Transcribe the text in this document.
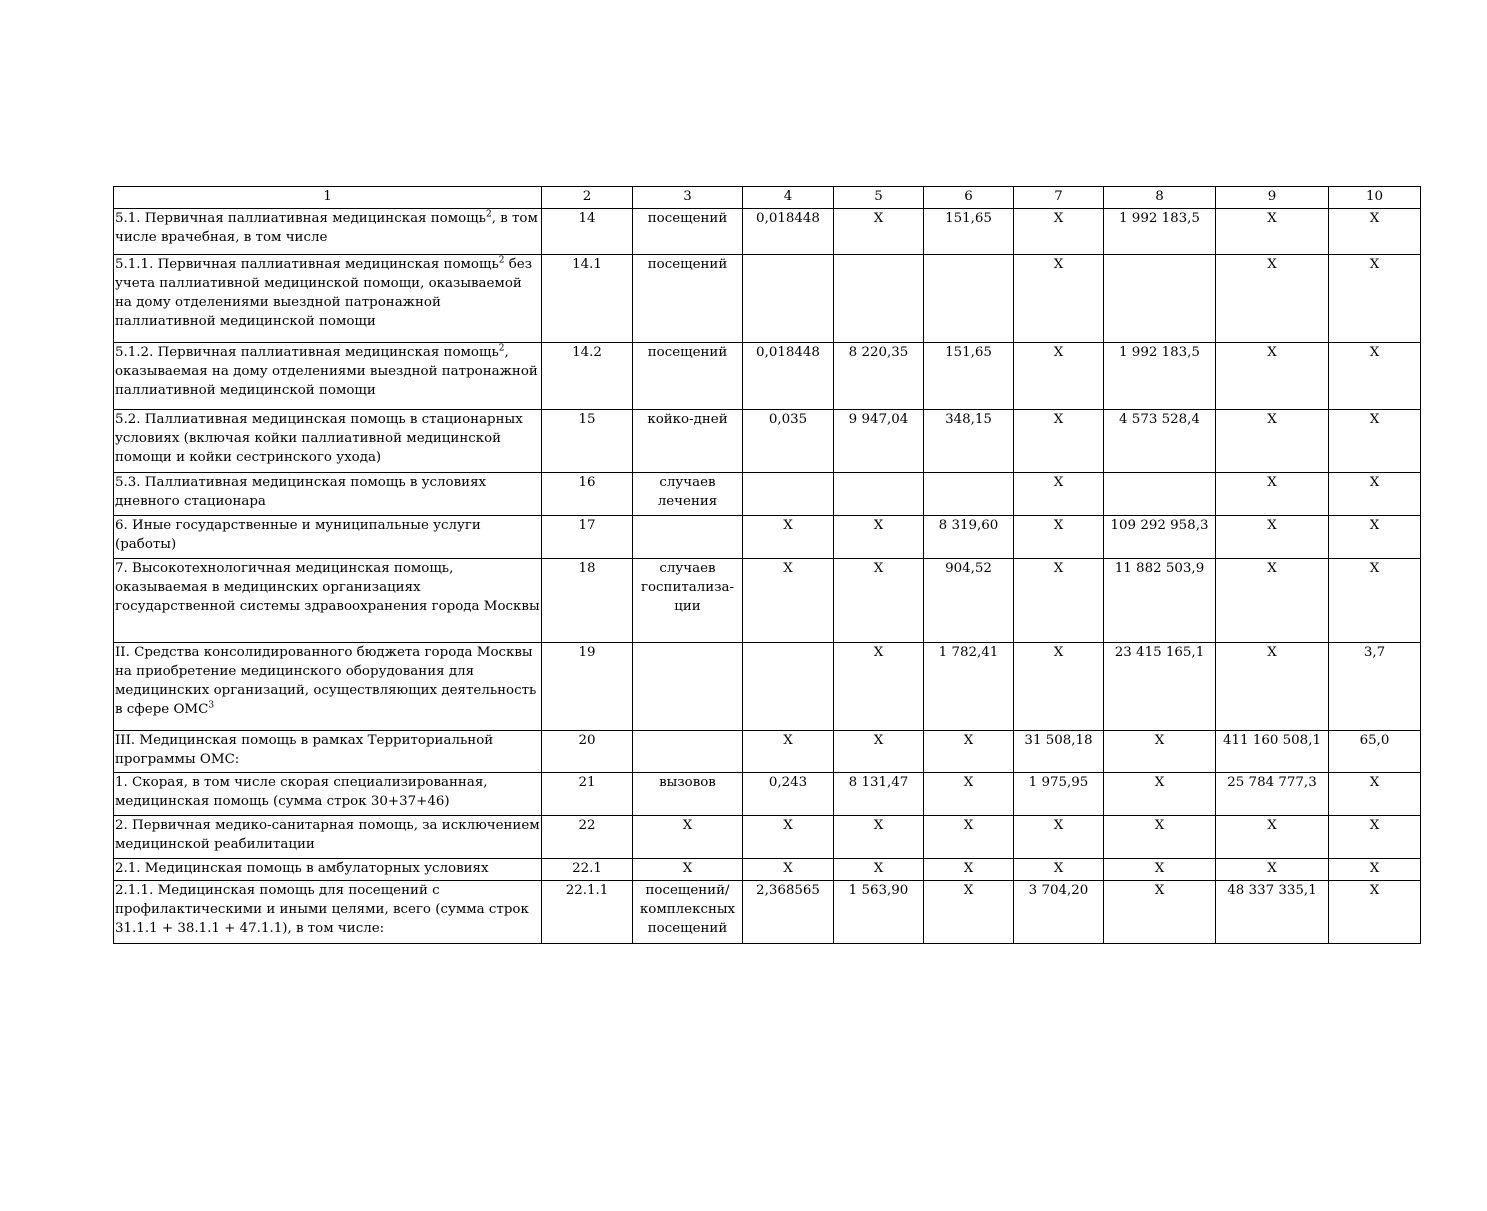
1	2	3	4	5	6	7	8	9	10
5.1. Первичная паллиативная медицинская помощь$^2$, в том числе врачебная, в том числе	14	посещений	0,018448	X	151,65	X	1 992 183,5	X	X
5.1.1. Первичная паллиативная медицинская помощь$^2$ без учета паллиативной медицинской помощи, оказываемой на дому отделениями выездной патронажной паллиативной медицинской помощи	14.1	посещений				X		X	X
5.1.2. Первичная паллиативная медицинская помощь$^2$, оказываемая на дому отделениями выездной патронажной паллиативной медицинской помощи	14.2	посещений	0,018448	8 220,35	151,65	X	1 992 183,5	X	X
5.2. Паллиативная медицинская помощь в стационарных условиях (включая койки паллиативной медицинской помощи и койки сестринского ухода)	15	койко-дней	0,035	9 947,04	348,15	X	4 573 528,4	X	X
5.3. Паллиативная медицинская помощь в условиях дневного стационара	16	случаев лечения				X		X	X
6. Иные государственные и муниципальные услуги (работы)	17		X	X	8 319,60	X	109 292 958,3	X	X
7. Высокотехнологичная медицинская помощь, оказываемая в медицинских организациях государственной системы здравоохранения города Москвы	18	случаев госпитализа-ции	X	X	904,52	X	11 882 503,9	X	X
II. Средства консолидированного бюджета города Москвы на приобретение медицинского оборудования для медицинских организаций, осуществляющих деятельность в сфере ОМС$^3$	19			X	1 782,41	X	23 415 165,1	X	3,7
III. Медицинская помощь в рамках Территориальной программы ОМС:	20		X	X	X	31 508,18	X	411 160 508,1	65,0
1. Скорая, в том числе скорая специализированная, медицинская помощь (сумма строк 30+37+46)	21	вызовов	0,243	8 131,47	X	1 975,95	X	25 784 777,3	X
2. Первичная медико-санитарная помощь, за исключением медицинской реабилитации	22	X	X	X	X	X	X	X	X
2.1. Медицинская помощь в амбулаторных условиях	22.1	X	X	X	X	X	X	X	X
2.1.1. Медицинская помощь для посещений с профилактическими и иными целями, всего (сумма строк 31.1.1 + 38.1.1 + 47.1.1), в том числе:	22.1.1	посещений/ комплексных посещений	2,368565	1 563,90	X	3 704,20	X	48 337 335,1	X
